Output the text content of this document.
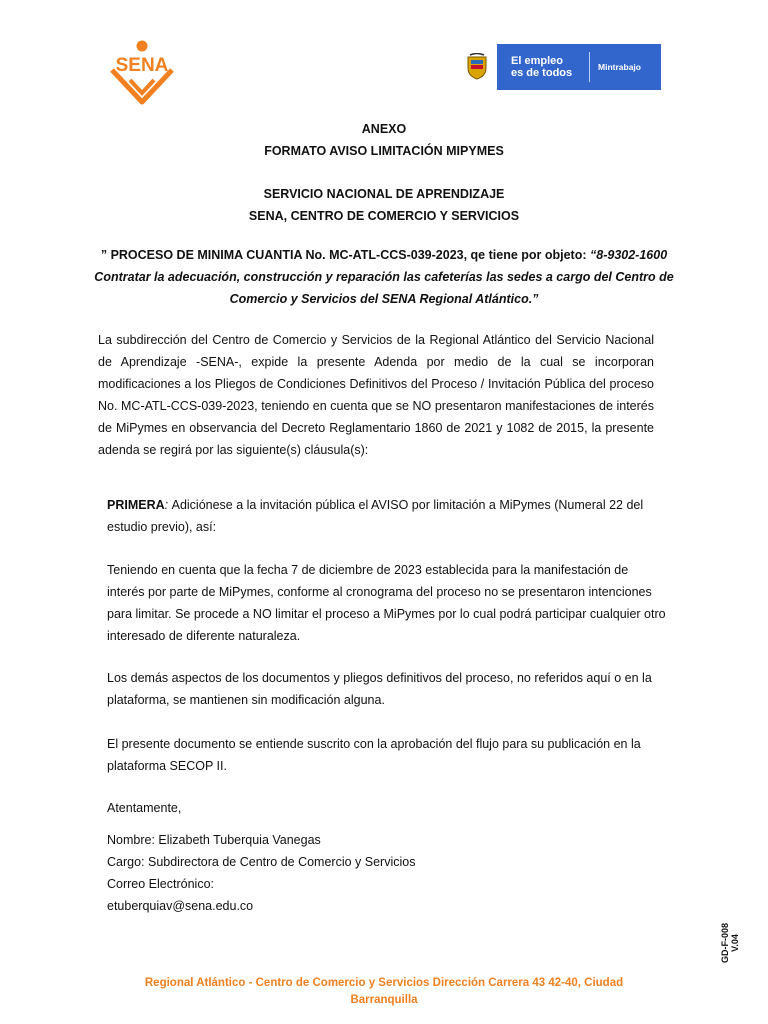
SENA	El empleo
es de todos	Mintrabajo
ANEXO
FORMATO AVISO LIMITACIÓN MIPYMES
SERVICIO NACIONAL DE APRENDIZAJE
SENA, CENTRO DE COMERCIO Y SERVICIOS
” PROCESO DE MINIMA CUANTIA No. MC-ATL-CCS-039-2023, qe tiene por objeto: “8-9302-1600 Contratar la adecuación, construcción y reparación las cafeterías las sedes a cargo del Centro de Comercio y Servicios del SENA Regional Atlántico.”
La subdirección del Centro de Comercio y Servicios de la Regional Atlántico del Servicio Nacional de Aprendizaje -SENA-, expide la presente Adenda por medio de la cual se incorporan modificaciones a los Pliegos de Condiciones Definitivos del Proceso / Invitación Pública del proceso No. MC-ATL-CCS-039-2023, teniendo en cuenta que se NO presentaron manifestaciones de interés de MiPymes en observancia del Decreto Reglamentario 1860 de 2021 y 1082 de 2015, la presente adenda se regirá por las siguiente(s) cláusula(s):
PRIMERA: Adiciónese a la invitación pública el AVISO por limitación a MiPymes (Numeral 22 del estudio previo), así:
Teniendo en cuenta que la fecha 7 de diciembre de 2023 establecida para la manifestación de interés por parte de MiPymes, conforme al cronograma del proceso no se presentaron intenciones para limitar. Se procede a NO limitar el proceso a MiPymes por lo cual podrá participar cualquier otro interesado de diferente naturaleza.
Los demás aspectos de los documentos y pliegos definitivos del proceso, no referidos aquí o en la plataforma, se mantienen sin modificación alguna.
El presente documento se entiende suscrito con la aprobación del flujo para su publicación en la plataforma SECOP II.
Atentamente,
Nombre: Elizabeth Tuberquia Vanegas
Cargo: Subdirectora de Centro de Comercio y Servicios
Correo Electrónico:
etuberquiav@sena.edu.co
GD-F-008 V.04
Regional Atlántico - Centro de Comercio y Servicios Dirección Carrera 43 42-40, Ciudad Barranquilla
